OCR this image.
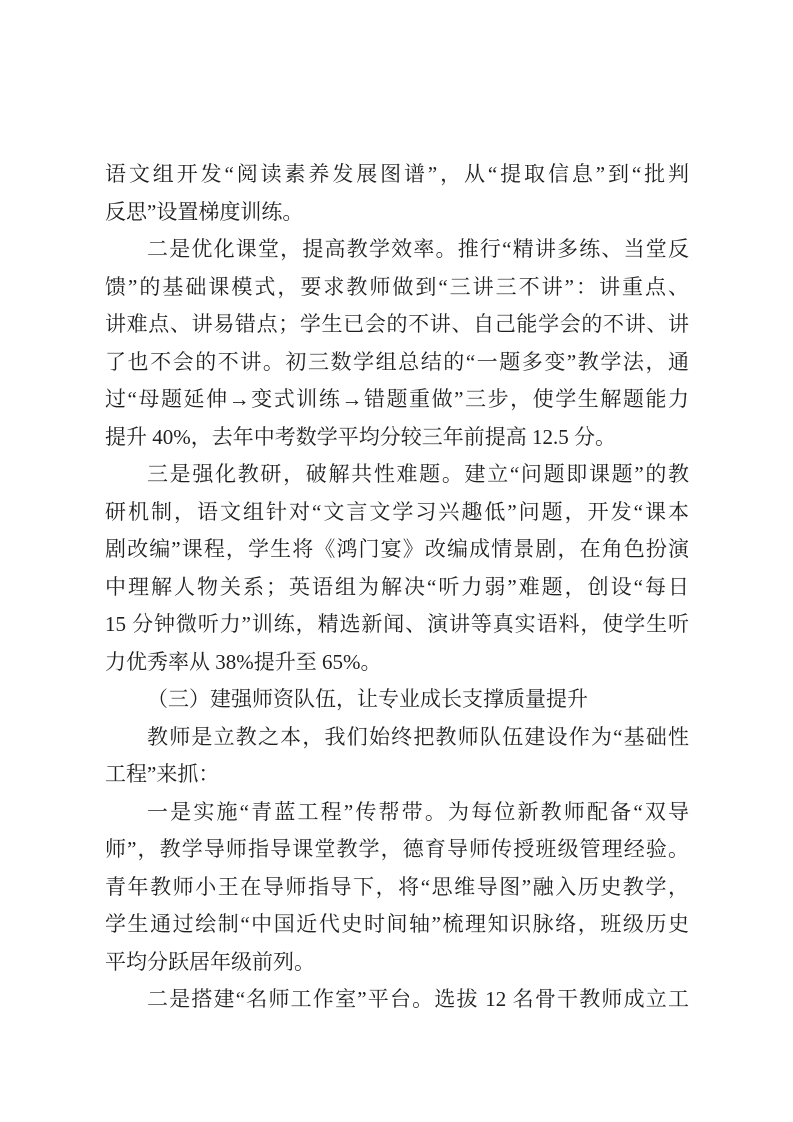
语文组开发“阅读素养发展图谱”，从“提取信息”到“批判
反思”设置梯度训练。
二是优化课堂，提高教学效率。推行“精讲多练、当堂反
馈”的基础课模式，要求教师做到“三讲三不讲”：讲重点、
讲难点、讲易错点；学生已会的不讲、自己能学会的不讲、讲
了也不会的不讲。初三数学组总结的“一题多变”教学法，通
过“母题延伸→变式训练→错题重做”三步，使学生解题能力
提升 40%，去年中考数学平均分较三年前提高 12.5 分。
三是强化教研，破解共性难题。建立“问题即课题”的教
研机制，语文组针对“文言文学习兴趣低”问题，开发“课本
剧改编”课程，学生将《鸿门宴》改编成情景剧，在角色扮演
中理解人物关系；英语组为解决“听力弱”难题，创设“每日
15 分钟微听力”训练，精选新闻、演讲等真实语料，使学生听
力优秀率从 38%提升至 65%。
（三）建强师资队伍，让专业成长支撑质量提升
教师是立教之本，我们始终把教师队伍建设作为“基础性
工程”来抓：
一是实施“青蓝工程”传帮带。为每位新教师配备“双导
师”，教学导师指导课堂教学，德育导师传授班级管理经验。
青年教师小王在导师指导下，将“思维导图”融入历史教学，
学生通过绘制“中国近代史时间轴”梳理知识脉络，班级历史
平均分跃居年级前列。
二是搭建“名师工作室”平台。选拔 12 名骨干教师成立工
